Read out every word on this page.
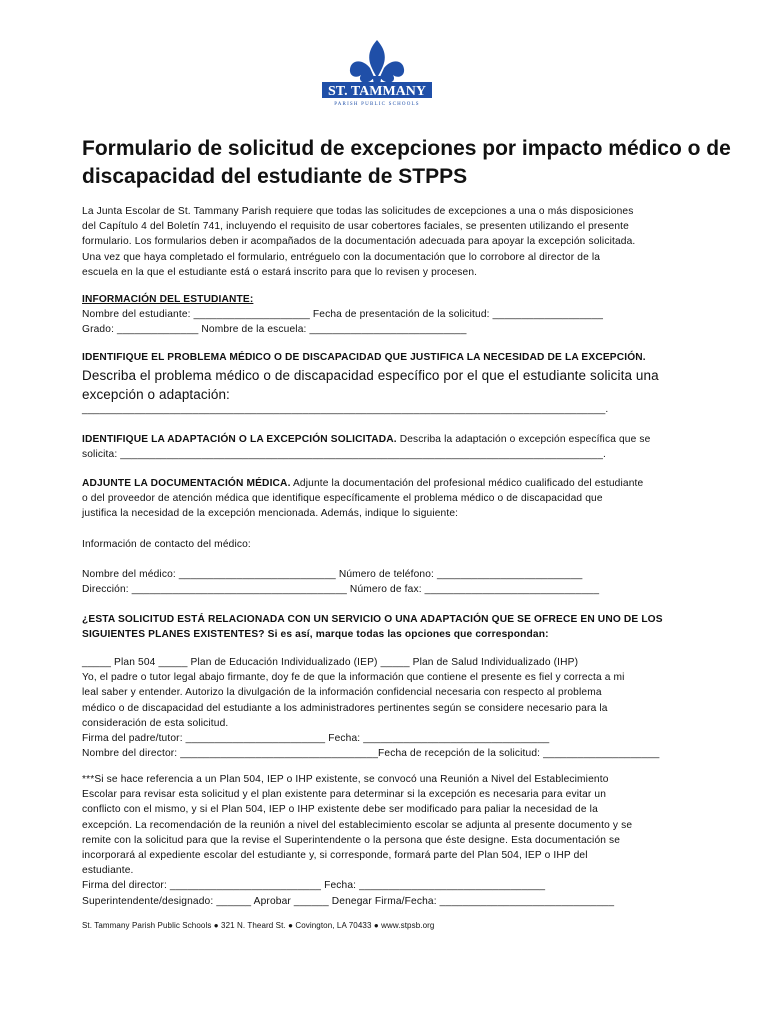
ST. TAMMANY
PARISH PUBLIC SCHOOLS
Formulario de solicitud de excepciones por impacto médico o de
discapacidad del estudiante de STPPS
La Junta Escolar de St. Tammany Parish requiere que todas las solicitudes de excepciones a una o más disposiciones
del Capítulo 4 del Boletín 741, incluyendo el requisito de usar cobertores faciales, se presenten utilizando el presente
formulario. Los formularios deben ir acompañados de la documentación adecuada para apoyar la excepción solicitada.
Una vez que haya completado el formulario, entréguelo con la documentación que lo corrobore al director de la
escuela en la que el estudiante está o estará inscrito para que lo revisen y procesen.
INFORMACIÓN DEL ESTUDIANTE:
Nombre del estudiante: ____________________ Fecha de presentación de la solicitud: ___________________
Grado: ______________ Nombre de la escuela: ___________________________
IDENTIFIQUE EL PROBLEMA MÉDICO O DE DISCAPACIDAD QUE JUSTIFICA LA NECESIDAD DE LA EXCEPCIÓN.
Describa el problema médico o de discapacidad específico por el que el estudiante solicita una
excepción o adaptación:
__________________________________________________________________________________________.
IDENTIFIQUE LA ADAPTACIÓN O LA EXCEPCIÓN SOLICITADA. Describa la adaptación o excepción específica que se
solicita: ___________________________________________________________________________________.
ADJUNTE LA DOCUMENTACIÓN MÉDICA. Adjunte la documentación del profesional médico cualificado del estudiante
o del proveedor de atención médica que identifique específicamente el problema médico o de discapacidad que
justifica la necesidad de la excepción mencionada. Además, indique lo siguiente:
Información de contacto del médico:
Nombre del médico: ___________________________ Número de teléfono: _________________________
Dirección: _____________________________________ Número de fax: ______________________________
¿ESTA SOLICITUD ESTÁ RELACIONADA CON UN SERVICIO O UNA ADAPTACIÓN QUE SE OFRECE EN UNO DE LOS
SIGUIENTES PLANES EXISTENTES? Si es así, marque todas las opciones que correspondan:
_____ Plan 504 _____ Plan de Educación Individualizado (IEP) _____ Plan de Salud Individualizado (IHP)
Yo, el padre o tutor legal abajo firmante, doy fe de que la información que contiene el presente es fiel y correcta a mi
leal saber y entender. Autorizo la divulgación de la información confidencial necesaria con respecto al problema
médico o de discapacidad del estudiante a los administradores pertinentes según se considere necesario para la
consideración de esta solicitud.
Firma del padre/tutor: ________________________ Fecha: ________________________________
Nombre del director: __________________________________Fecha de recepción de la solicitud: ____________________
***Si se hace referencia a un Plan 504, IEP o IHP existente, se convocó una Reunión a Nivel del Establecimiento
Escolar para revisar esta solicitud y el plan existente para determinar si la excepción es necesaria para evitar un
conflicto con el mismo, y si el Plan 504, IEP o IHP existente debe ser modificado para paliar la necesidad de la
excepción. La recomendación de la reunión a nivel del establecimiento escolar se adjunta al presente documento y se
remite con la solicitud para que la revise el Superintendente o la persona que éste designe. Esta documentación se
incorporará al expediente escolar del estudiante y, si corresponde, formará parte del Plan 504, IEP o IHP del
estudiante.
Firma del director: __________________________ Fecha: ________________________________
Superintendente/designado: ______ Aprobar ______ Denegar Firma/Fecha: ______________________________
St. Tammany Parish Public Schools ● 321 N. Theard St. ● Covington, LA 70433 ● www.stpsb.org
